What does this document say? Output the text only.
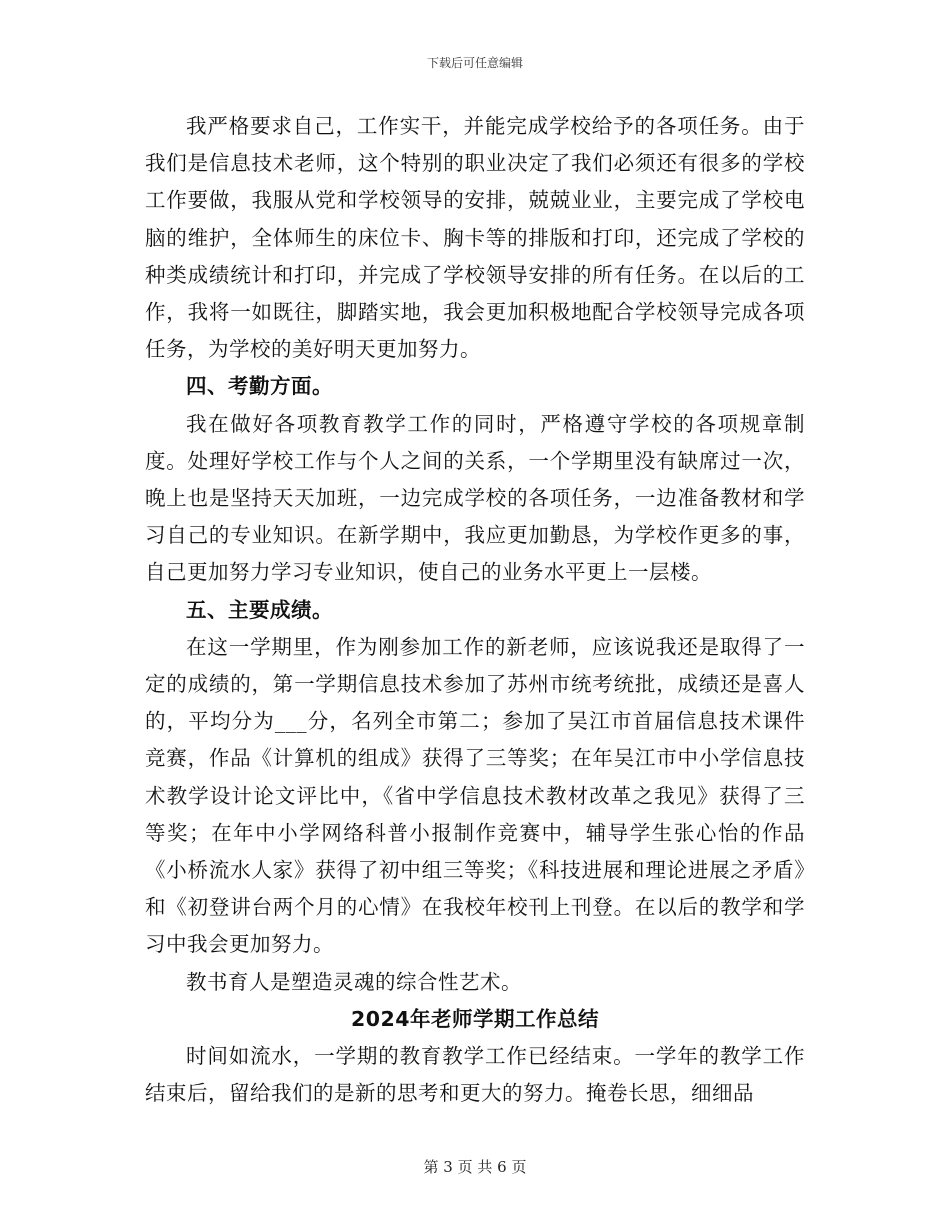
下载后可任意编辑

我严格要求自己，工作实干，并能完成学校给予的各项任务。由于我们是信息技术老师，这个特别的职业决定了我们必须还有很多的学校工作要做，我服从党和学校领导的安排，兢兢业业，主要完成了学校电脑的维护，全体师生的床位卡、胸卡等的排版和打印，还完成了学校的种类成绩统计和打印，并完成了学校领导安排的所有任务。在以后的工作，我将一如既往，脚踏实地，我会更加积极地配合学校领导完成各项任务，为学校的美好明天更加努力。

四、考勤方面。

我在做好各项教育教学工作的同时，严格遵守学校的各项规章制度。处理好学校工作与个人之间的关系，一个学期里没有缺席过一次，晚上也是坚持天天加班，一边完成学校的各项任务，一边准备教材和学习自己的专业知识。在新学期中，我应更加勤恳，为学校作更多的事，自己更加努力学习专业知识，使自己的业务水平更上一层楼。

五、主要成绩。

在这一学期里，作为刚参加工作的新老师，应该说我还是取得了一定的成绩的，第一学期信息技术参加了苏州市统考统批，成绩还是喜人的，平均分为___分，名列全市第二；参加了吴江市首届信息技术课件竞赛，作品《计算机的组成》获得了三等奖；在年吴江市中小学信息技术教学设计论文评比中，《省中学信息技术教材改革之我见》获得了三等奖；在年中小学网络科普小报制作竞赛中，辅导学生张心怡的作品《小桥流水人家》获得了初中组三等奖；《科技进展和理论进展之矛盾》和《初登讲台两个月的心情》在我校年校刊上刊登。在以后的教学和学习中我会更加努力。

教书育人是塑造灵魂的综合性艺术。

2024年老师学期工作总结

时间如流水，一学期的教育教学工作已经结束。一学年的教学工作结束后，留给我们的是新的思考和更大的努力。掩卷长思，细细品

第 3 页 共 6 页
